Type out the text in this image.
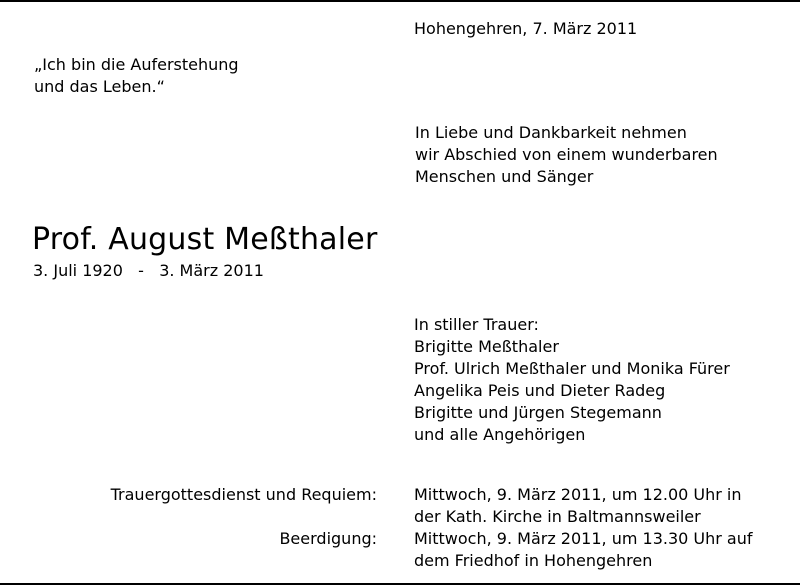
Hohengehren, 7. März 2011

„Ich bin die Auferstehung
und das Leben.“
In Liebe und Dankbarkeit nehmen
wir Abschied von einem wunderbaren
Menschen und Sänger
Prof. August Meßthaler

3. Juli 1920   -   3. März 2011

In stiller Trauer:
Brigitte Meßthaler
Prof. Ulrich Meßthaler und Monika Fürer
Angelika Peis und Dieter Radeg
Brigitte und Jürgen Stegemann
und alle Angehörigen
Trauergottesdienst und Requiem: Mittwoch, 9. März 2011, um 12.00 Uhr in
der Kath. Kirche in Baltmannsweiler
Beerdigung: Mittwoch, 9. März 2011, um 13.30 Uhr auf
dem Friedhof in Hohengehren
